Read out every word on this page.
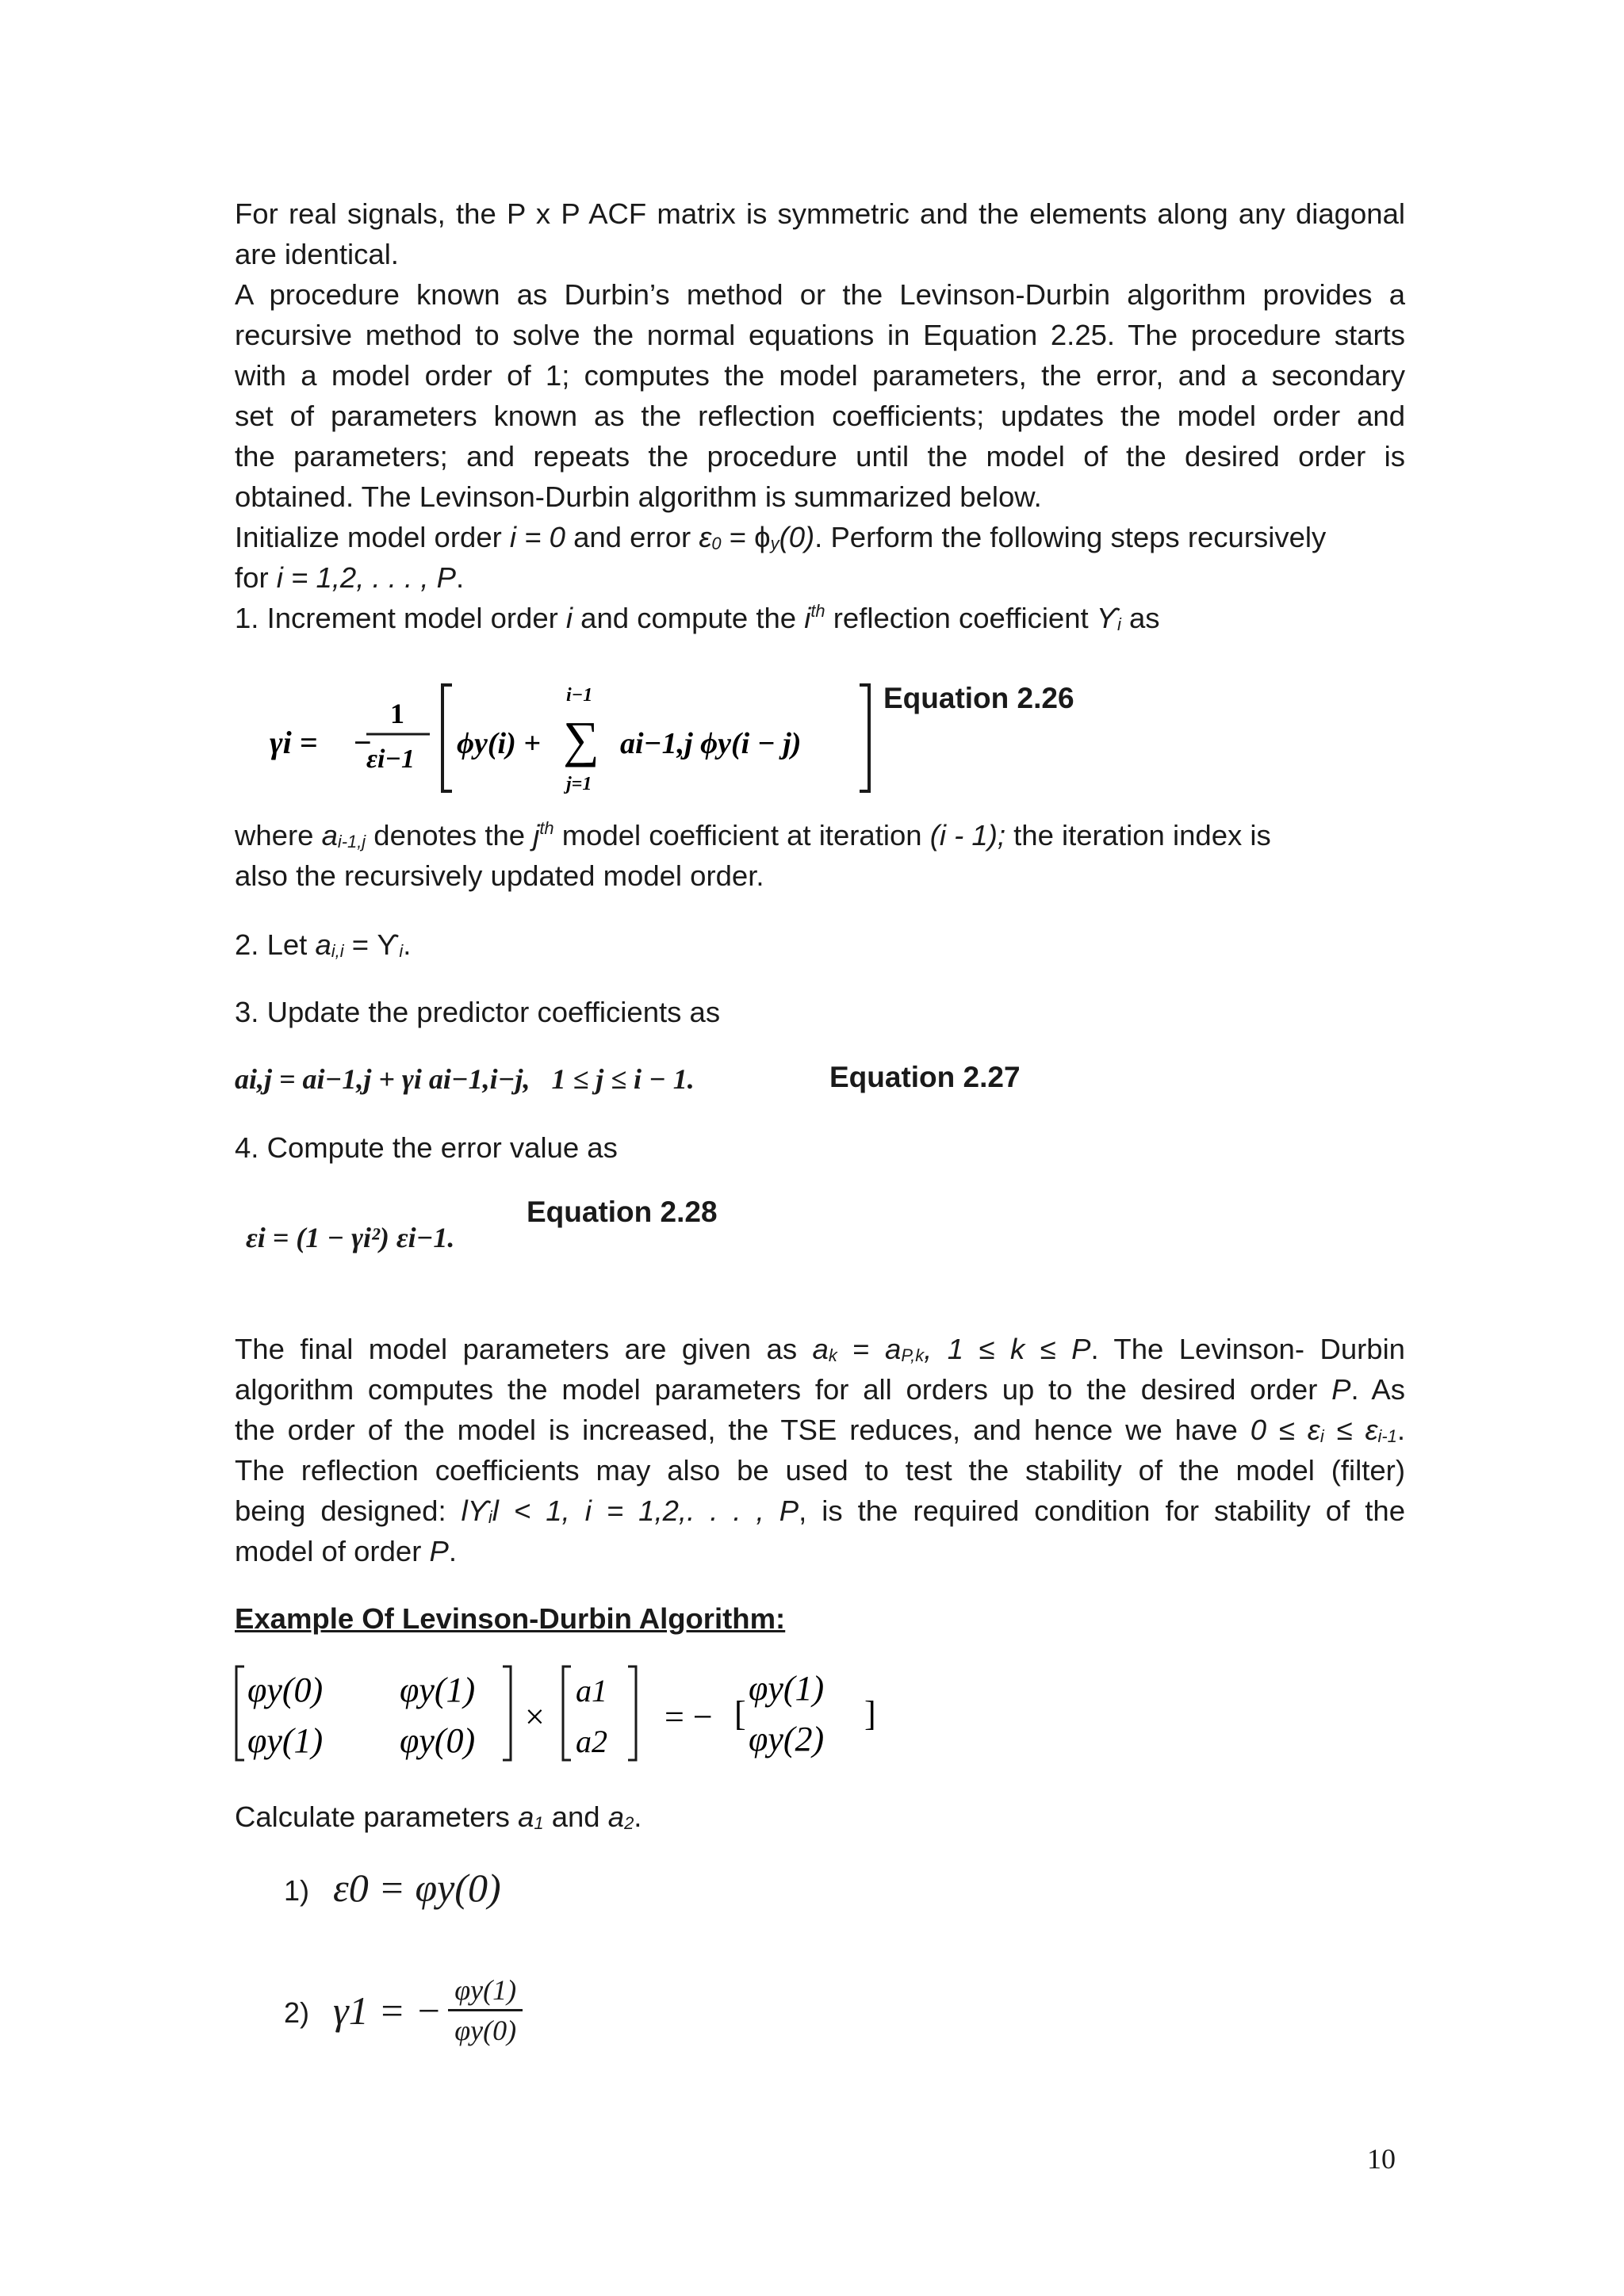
For real signals, the P x P ACF matrix is symmetric and the elements along any diagonal
are identical.
A procedure known as Durbin’s method or the Levinson-Durbin algorithm provides a
recursive method to solve the normal equations in Equation 2.25. The procedure starts
with a model order of 1; computes the model parameters, the error, and a secondary
set of parameters known as the reflection coefficients; updates the model order and
the parameters; and repeats the procedure until the model of the desired order is
obtained. The Levinson-Durbin algorithm is summarized below.
Initialize model order i = 0 and error $\varepsilon_0 = \phi_y(0)$. Perform the following steps recursively
for i = 1,2, . . . , P.
1. Increment model order i and compute the $i^{th}$ reflection coefficient $ϒ_i$ as
γi = −
1
εi−1 ϕy(i) +
i−1
∑
j=1
ai−1,j ϕy(i − j)
Equation 2.26
where $a_{i-1,j}$ denotes the $j^{th}$ model coefficient at iteration (i - 1); the iteration index is
also the recursively updated model order.
2. Let $a_{i,i} = ϒ_i$.
3. Update the predictor coefficients as
ai,j = ai−1,j + γi ai−1,i−j,   1 ≤ j ≤ i − 1.	Equation 2.27
4. Compute the error value as
εi = (1 − γi²) εi−1.
Equation 2.28
The final model parameters are given as $a_k = a_{P,k}$, 1 ≤ k ≤ P. The Levinson- Durbin
algorithm computes the model parameters for all orders up to the desired order P. As
the order of the model is increased, the TSE reduces, and hence we have $0 \le \varepsilon_i \le \varepsilon_{i-1}$.
The reflection coefficients may also be used to test the stability of the model (filter)
being designed: $lϒ_il < 1$, i = 1,2,. . . , P, is the required condition for stability of the
model of order P.
Example Of Levinson-Durbin Algorithm:
φy(0) φy(1)
φy(1) φy(0)
×
a1
a2
= − [
φy(1)
φy(2)
]
Calculate parameters $a_1$ and $a_2$.
1) ε0 = φy(0)
2) γ1 = − $\frac{\varphi y(1)}{\varphi y(0)}$
10
